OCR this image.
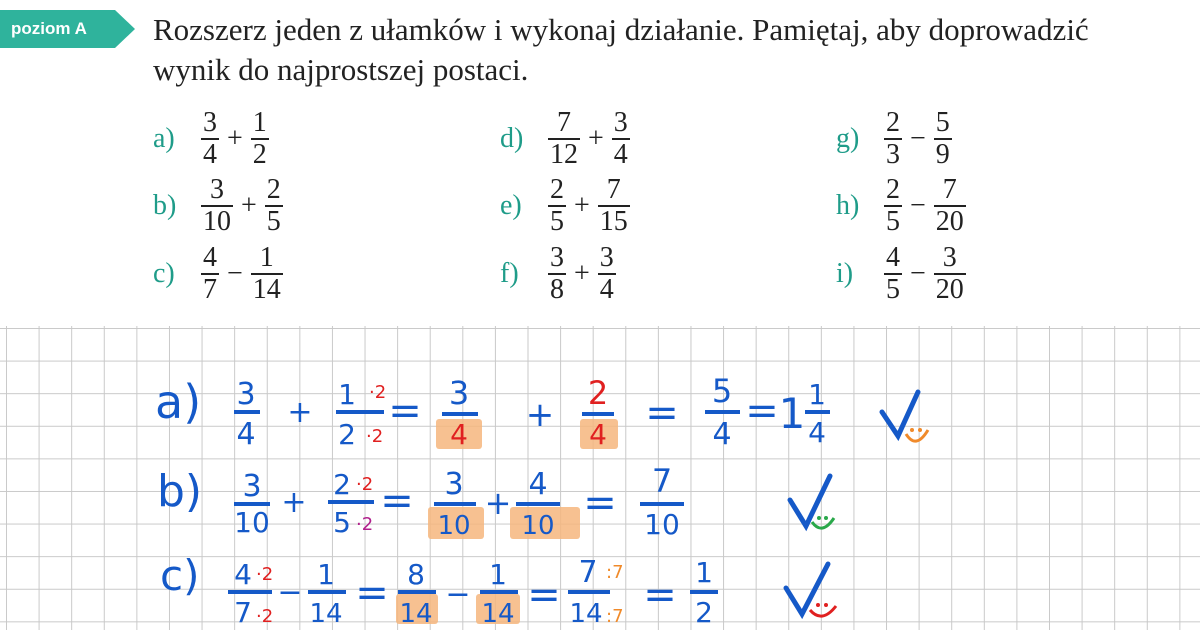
poziom A Rozszerz jeden z ułamków i wykonaj działanie. Pamiętaj, aby doprowadzić
wynik do najprostszej postaci.
$a) \frac{3}{4} + \frac{1}{2}$
$b) \frac{3}{10} + \frac{2}{5}$
$c) \frac{4}{7} - \frac{1}{14}$
$d) \frac{7}{12} + \frac{3}{4}$
$e) \frac{2}{5} + \frac{7}{15}$
f)	$\frac{3}{8} + \frac{3}{4}$
$g) \frac{2}{3} - \frac{5}{9}$
$h) \frac{2}{5} - \frac{7}{20}$
i)	$\frac{4}{5} - \frac{3}{20}$
a) 3
4
+
1 ·2
2 ·2
= 3
4 +
2
4 = 5
4
= 1 1
4
b) 3
10
+
2 ·2
5 ·2
= 3
10
+ 4
10 = 7
10
c) 4 ·2
7 ·2
−
1
14 = 8
14
−
1
14 = 7 :7
14 :7 = 1
2
